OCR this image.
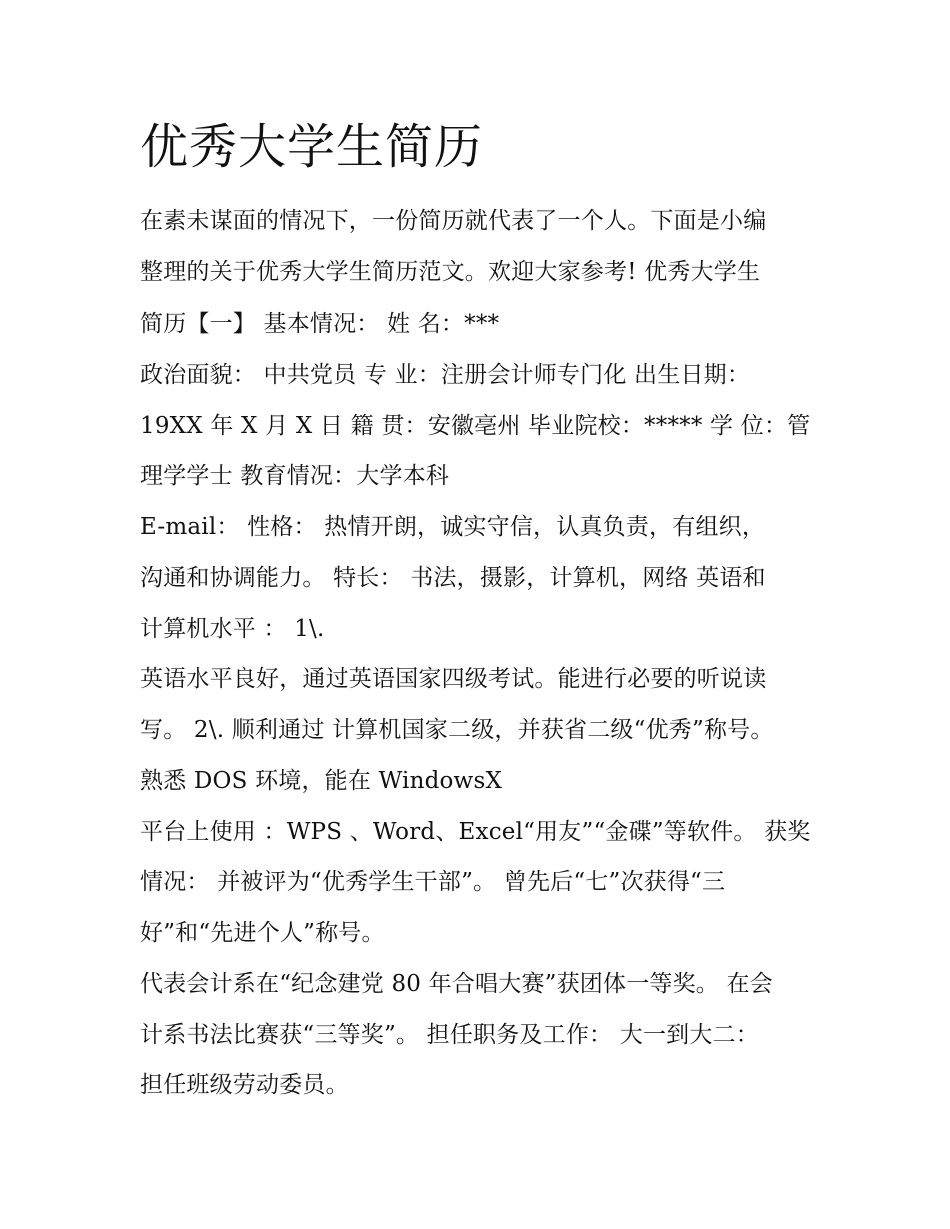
优秀大学生简历

在素未谋面的情况下，一份简历就代表了一个人。下面是小编

整理的关于优秀大学生简历范文。欢迎大家参考! 优秀大学生

简历【一】 基本情况： 姓 名：***

政治面貌： 中共党员 专 业：注册会计师专门化 出生日期：

19XX 年 X 月 X 日 籍 贯：安徽亳州 毕业院校：***** 学 位：管

理学学士 教育情况：大学本科

E-mail： 性格： 热情开朗，诚实守信，认真负责，有组织，

沟通和协调能力。 特长： 书法，摄影，计算机，网络 英语和

计算机水平 ： 1\.

英语水平良好，通过英语国家四级考试。能进行必要的听说读

写。 2\. 顺利通过 计算机国家二级，并获省二级“优秀”称号。

熟悉 DOS 环境，能在 WindowsX

平台上使用 ：WPS 、Word、Excel“用友”“金碟”等软件。 获奖

情况： 并被评为“优秀学生干部”。 曾先后“七”次获得“三

好”和“先进个人”称号。

代表会计系在“纪念建党 80 年合唱大赛”获团体一等奖。 在会

计系书法比赛获“三等奖”。 担任职务及工作： 大一到大二：

担任班级劳动委员。
